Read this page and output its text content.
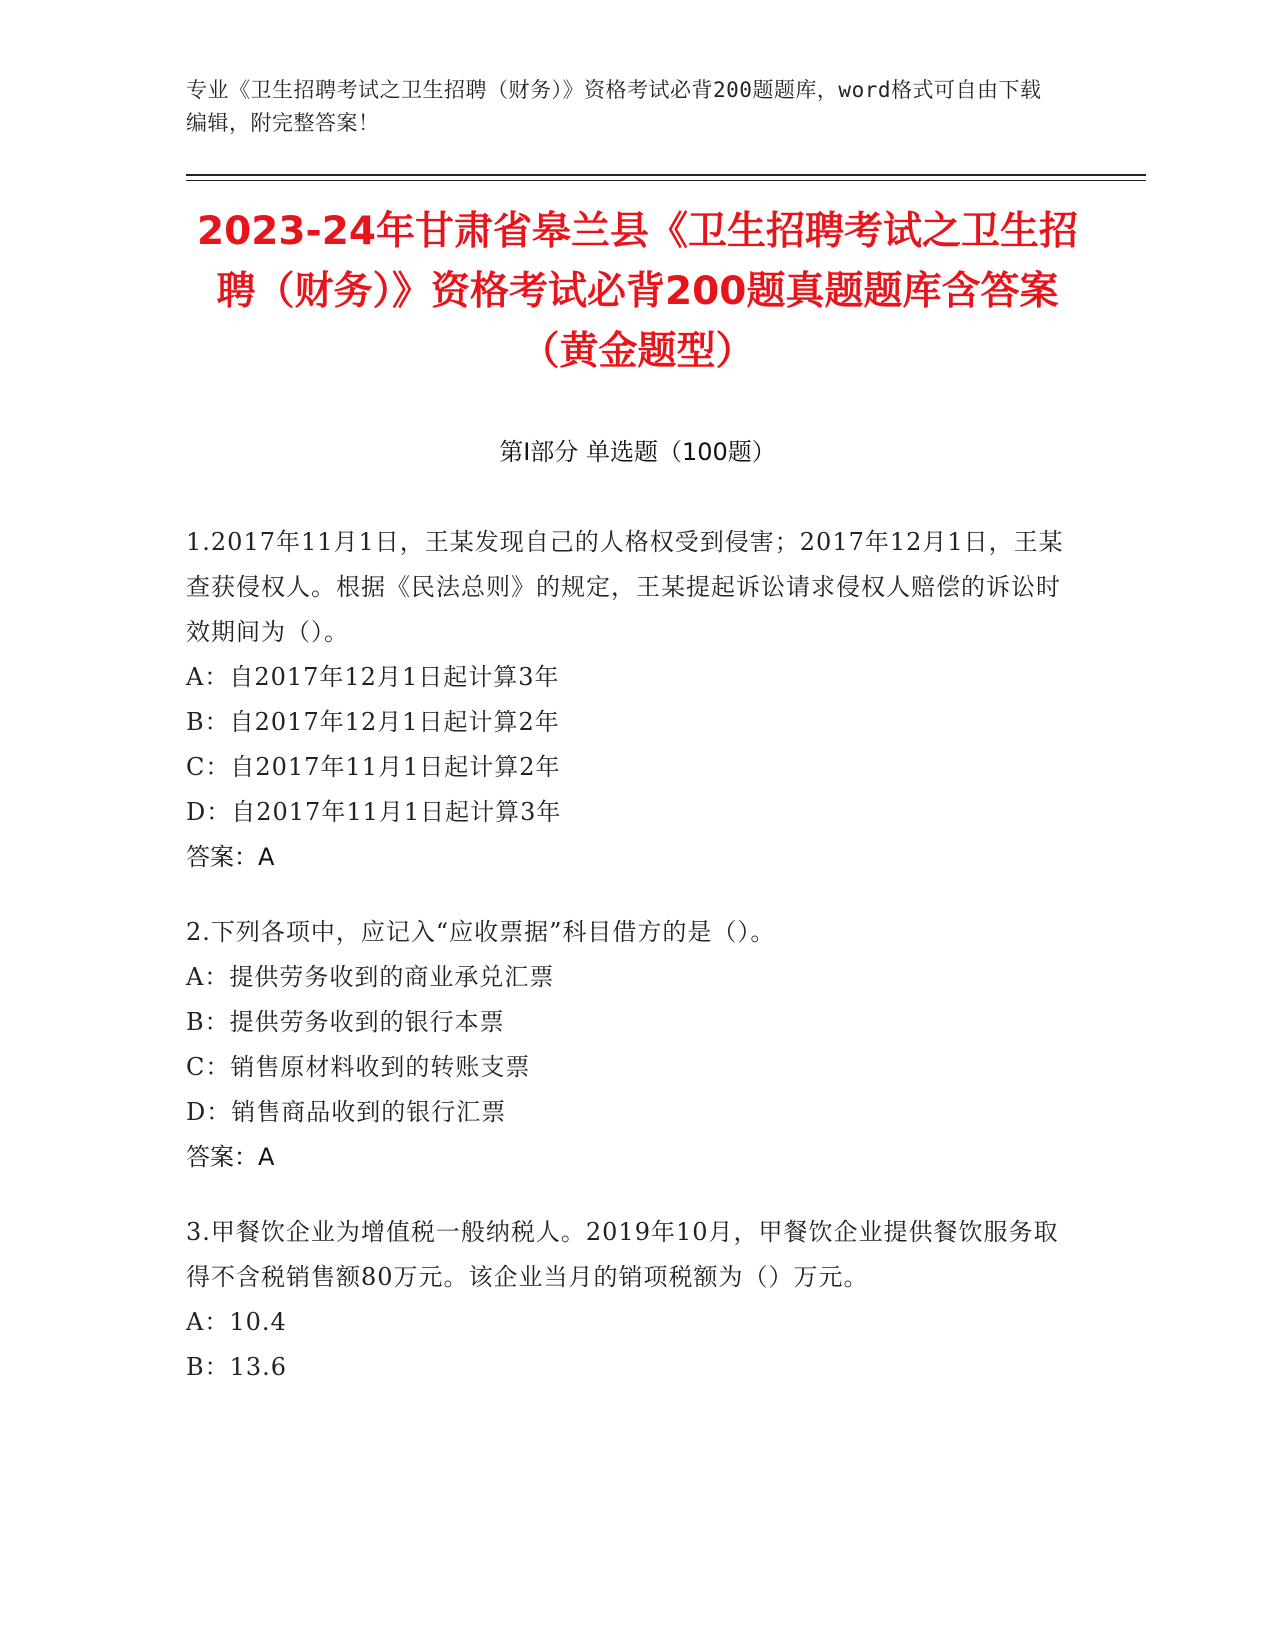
专业《卫生招聘考试之卫生招聘（财务）》资格考试必背200题题库，word格式可自由下载编辑，附完整答案！
2023-24年甘肃省皋兰县《卫生招聘考试之卫生招聘（财务）》资格考试必背200题真题题库含答案（黄金题型）
第Ⅰ部分 单选题（100题）
1.2017年11月1日，王某发现自己的人格权受到侵害；2017年12月1日，王某查获侵权人。根据《民法总则》的规定，王某提起诉讼请求侵权人赔偿的诉讼时效期间为（）。
A：自2017年12月1日起计算3年
B：自2017年12月1日起计算2年
C：自2017年11月1日起计算2年
D：自2017年11月1日起计算3年
答案：A
2.下列各项中，应记入“应收票据”科目借方的是（）。
A：提供劳务收到的商业承兑汇票
B：提供劳务收到的银行本票
C：销售原材料收到的转账支票
D：销售商品收到的银行汇票
答案：A
3.甲餐饮企业为增值税一般纳税人。2019年10月，甲餐饮企业提供餐饮服务取得不含税销售额80万元。该企业当月的销项税额为（）万元。
A：10.4
B：13.6
